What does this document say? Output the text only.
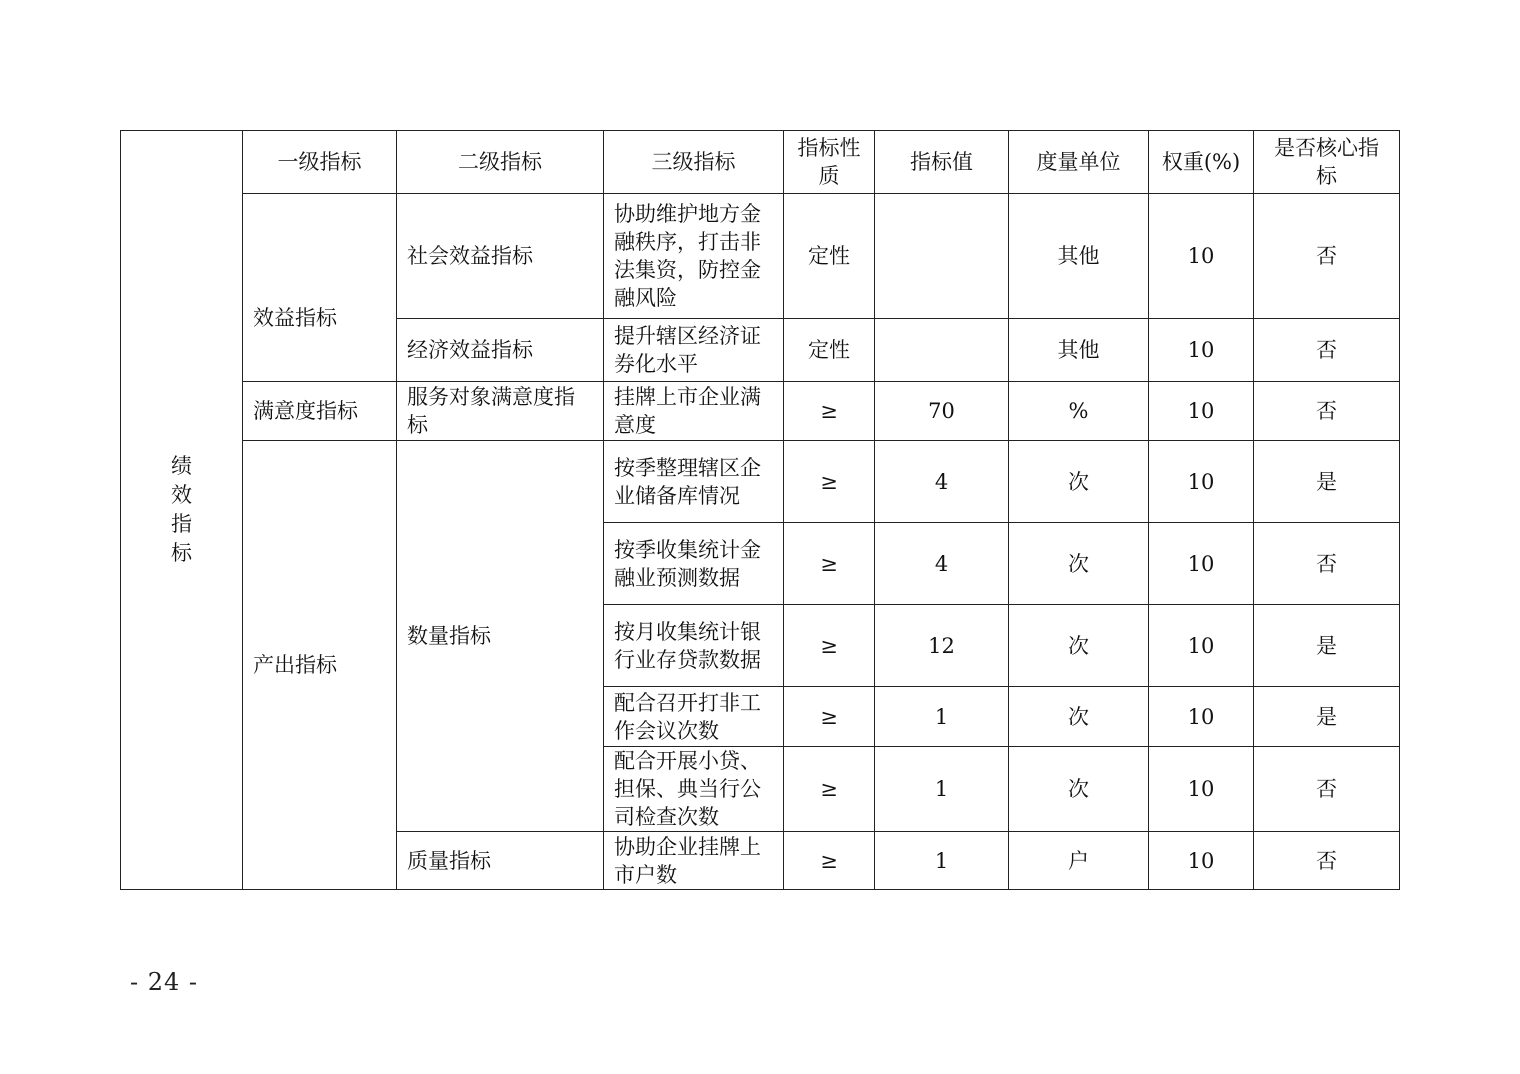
绩效指标	一级指标	二级指标	三级指标	指标性质	指标值	度量单位	权重(%)	是否核心指标
	效益指标	社会效益指标	协助维护地方金融秩序，打击非法集资，防控金融风险	定性		其他	10	否
		经济效益指标	提升辖区经济证券化水平	定性		其他	10	否
	满意度指标	服务对象满意度指标	挂牌上市企业满意度	≥	70	%	10	否
	产出指标	数量指标	按季整理辖区企业储备库情况	≥	4	次	10	是
			按季收集统计金融业预测数据	≥	4	次	10	否
			按月收集统计银行业存贷款数据	≥	12	次	10	是
			配合召开打非工作会议次数	≥	1	次	10	是
			配合开展小贷、担保、典当行公司检查次数	≥	1	次	10	否
		质量指标	协助企业挂牌上市户数	≥	1	户	10	否
- 24 -
